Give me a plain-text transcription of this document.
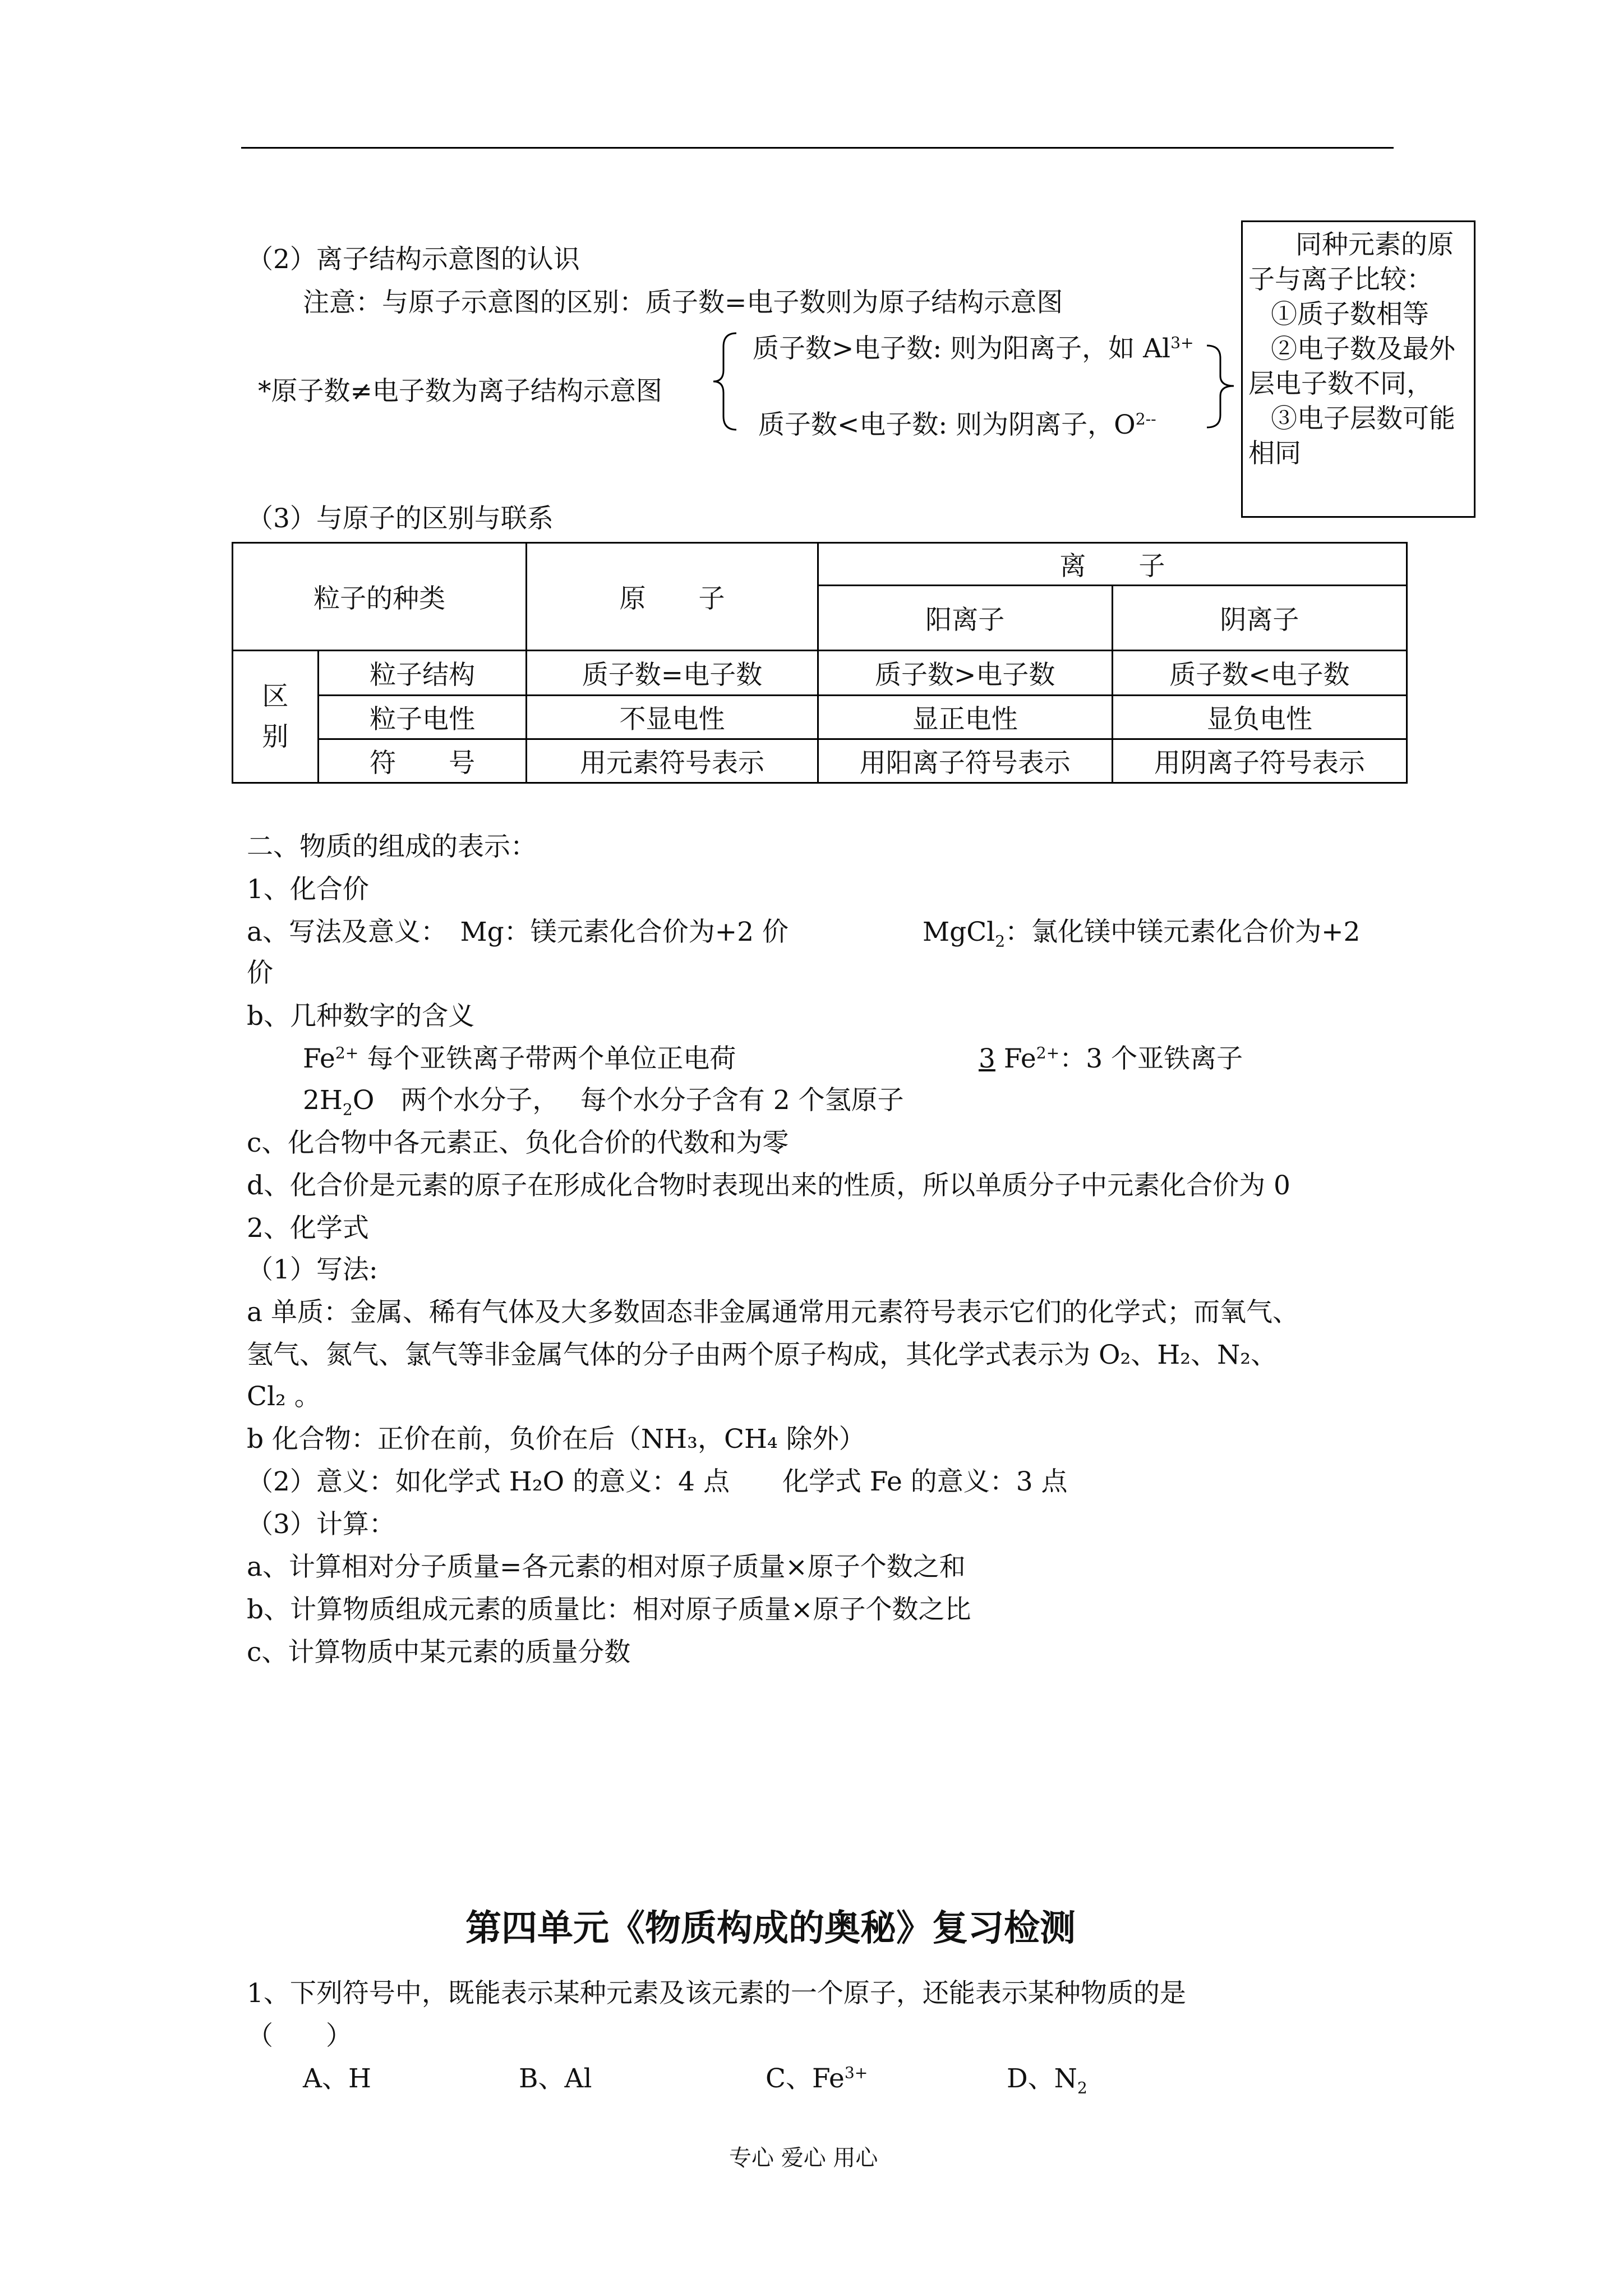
（2）离子结构示意图的认识
注意：与原子示意图的区别：质子数=电子数则为原子结构示意图
*原子数≠电子数为离子结构示意图
质子数>电子数: 则为阳离子，如 $Al^{3+}$
质子数<电子数: 则为阴离子，$O^{2--}$
同种元素的原
子与离子比较：
①质子数相等
②电子数及最外
层电子数不同，
③电子层数可能
相同
（3）与原子的区别与联系
粒子的种类		原　　子	离　　子	
			阳离子	阴离子
区
别	粒子结构	质子数=电子数	质子数>电子数	质子数<电子数
	粒子电性	不显电性	显正电性	显负电性
	符　　号	用元素符号表示	用阳离子符号表示	用阴离子符号表示
二、物质的组成的表示：
1、化合价
a、写法及意义：　Mg：镁元素化合价为+2 价	MgCl$_2$：氯化镁中镁元素化合价为+2
价
b、几种数字的含义
$Fe^{2+}$ 每个亚铁离子带两个单位正电荷	3 $Fe^{2+}$：3 个亚铁离子
$2H_2O$　两个水分子，　 每个水分子含有 2 个氢原子
c、化合物中各元素正、负化合价的代数和为零
d、化合价是元素的原子在形成化合物时表现出来的性质，所以单质分子中元素化合价为 0
2、化学式
（1）写法:
a 单质：金属、稀有气体及大多数固态非金属通常用元素符号表示它们的化学式；而氧气、
氢气、氮气、氯气等非金属气体的分子由两个原子构成，其化学式表示为 O₂、H₂、N₂、
Cl₂ 。
b 化合物：正价在前，负价在后（NH₃，CH₄ 除外）
（2）意义：如化学式 H₂O 的意义：4 点　　化学式 Fe 的意义：3 点
（3）计算：
a、计算相对分子质量=各元素的相对原子质量×原子个数之和
b、计算物质组成元素的质量比：相对原子质量×原子个数之比
c、计算物质中某元素的质量分数
第四单元《物质构成的奥秘》复习检测
1、下列符号中，既能表示某种元素及该元素的一个原子，还能表示某种物质的是
（　　）
A、H	B、Al	C、$Fe^{3+}$	D、$N_2$
专心 爱心 用心
